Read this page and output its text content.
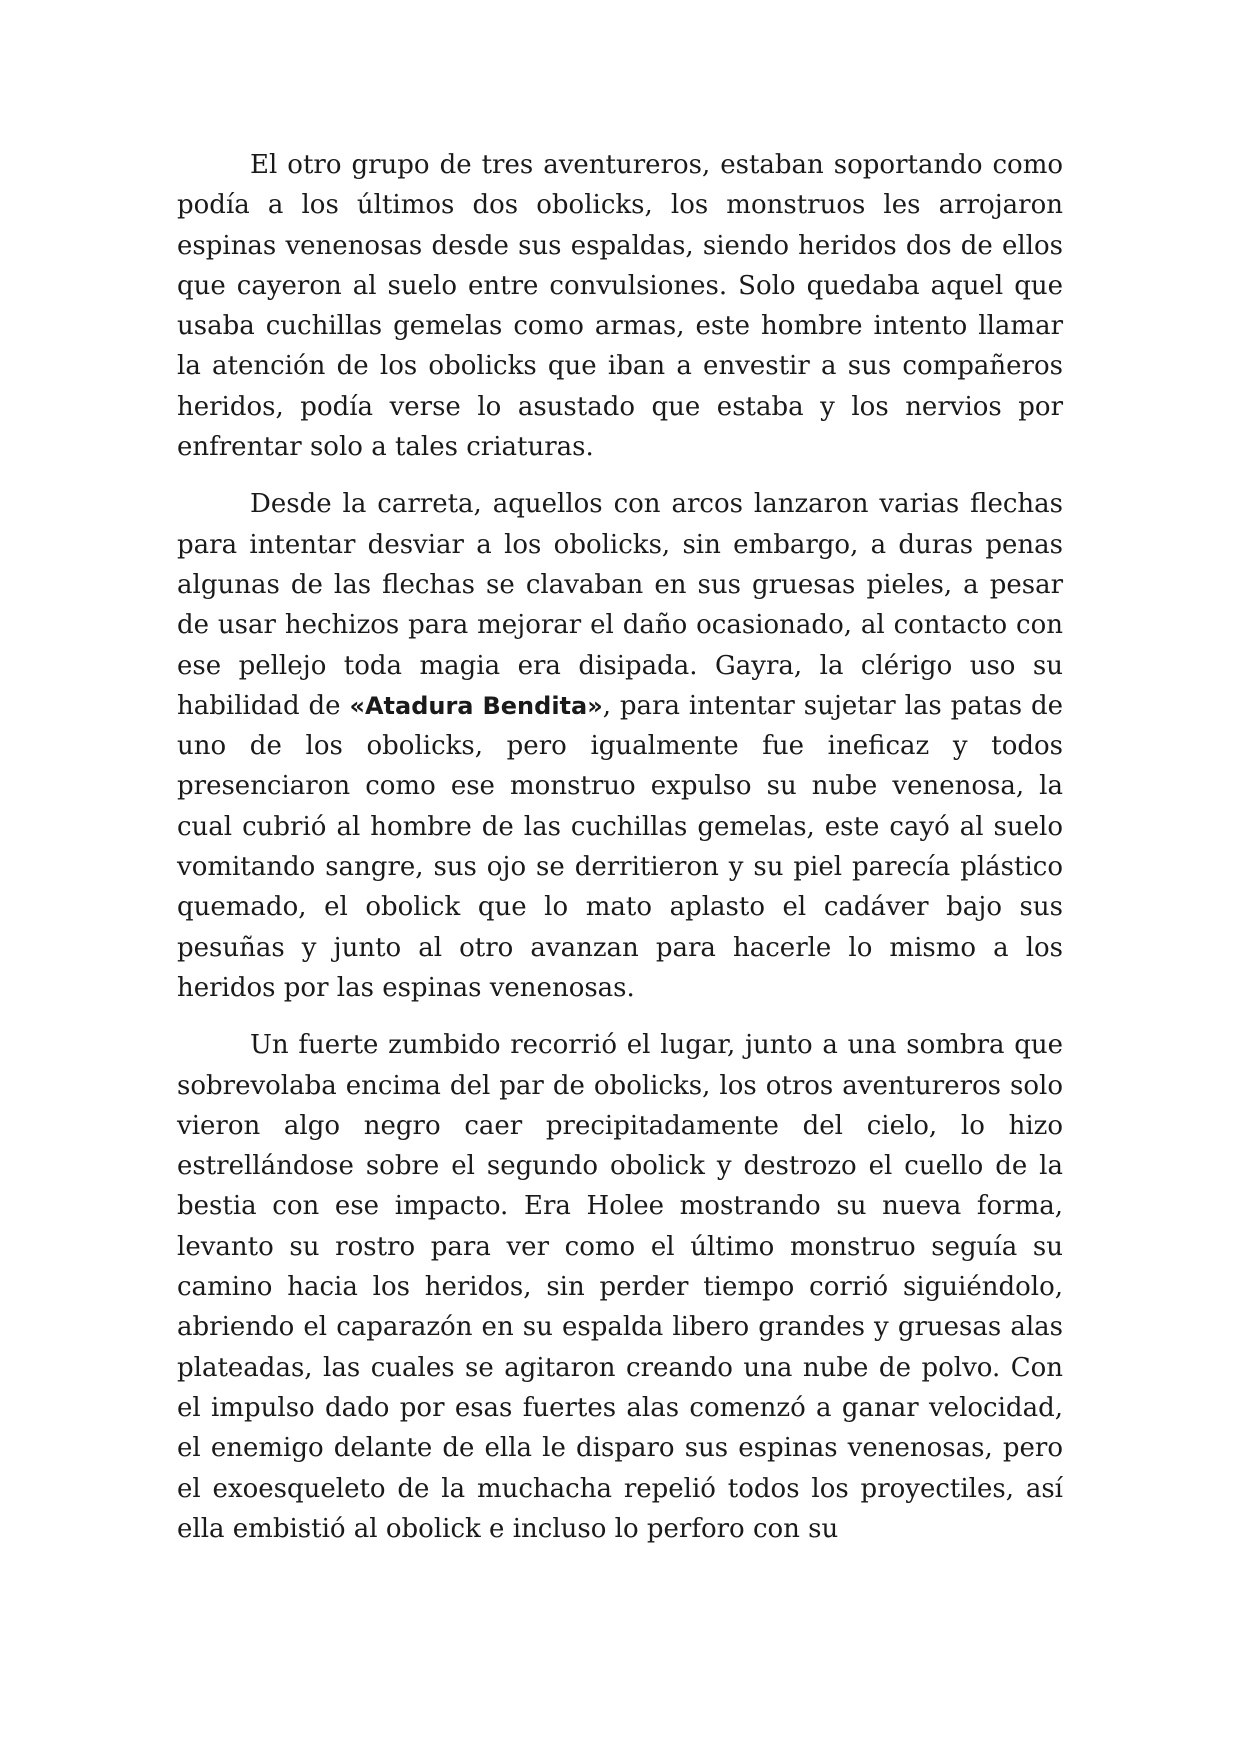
El otro grupo de tres aventureros, estaban soportando como podía a los últimos dos obolicks, los monstruos les arrojaron espinas venenosas desde sus espaldas, siendo heridos dos de ellos que cayeron al suelo entre convulsiones. Solo quedaba aquel que usaba cuchillas gemelas como armas, este hombre intento llamar la atención de los obolicks que iban a envestir a sus compañeros heridos, podía verse lo asustado que estaba y los nervios por enfrentar solo a tales criaturas.

Desde la carreta, aquellos con arcos lanzaron varias flechas para intentar desviar a los obolicks, sin embargo, a duras penas algunas de las flechas se clavaban en sus gruesas pieles, a pesar de usar hechizos para mejorar el daño ocasionado, al contacto con ese pellejo toda magia era disipada. Gayra, la clérigo uso su habilidad de «Atadura Bendita», para intentar sujetar las patas de uno de los obolicks, pero igualmente fue ineficaz y todos presenciaron como ese monstruo expulso su nube venenosa, la cual cubrió al hombre de las cuchillas gemelas, este cayó al suelo vomitando sangre, sus ojo se derritieron y su piel parecía plástico quemado, el obolick que lo mato aplasto el cadáver bajo sus pesuñas y junto al otro avanzan para hacerle lo mismo a los heridos por las espinas venenosas.

Un fuerte zumbido recorrió el lugar, junto a una sombra que sobrevolaba encima del par de obolicks, los otros aventureros solo vieron algo negro caer precipitadamente del cielo, lo hizo estrellándose sobre el segundo obolick y destrozo el cuello de la bestia con ese impacto. Era Holee mostrando su nueva forma, levanto su rostro para ver como el último monstruo seguía su camino hacia los heridos, sin perder tiempo corrió siguiéndolo, abriendo el caparazón en su espalda libero grandes y gruesas alas plateadas, las cuales se agitaron creando una nube de polvo. Con el impulso dado por esas fuertes alas comenzó a ganar velocidad, el enemigo delante de ella le disparo sus espinas venenosas, pero el exoesqueleto de la muchacha repelió todos los proyectiles, así ella embistió al obolick e incluso lo perforo con su
